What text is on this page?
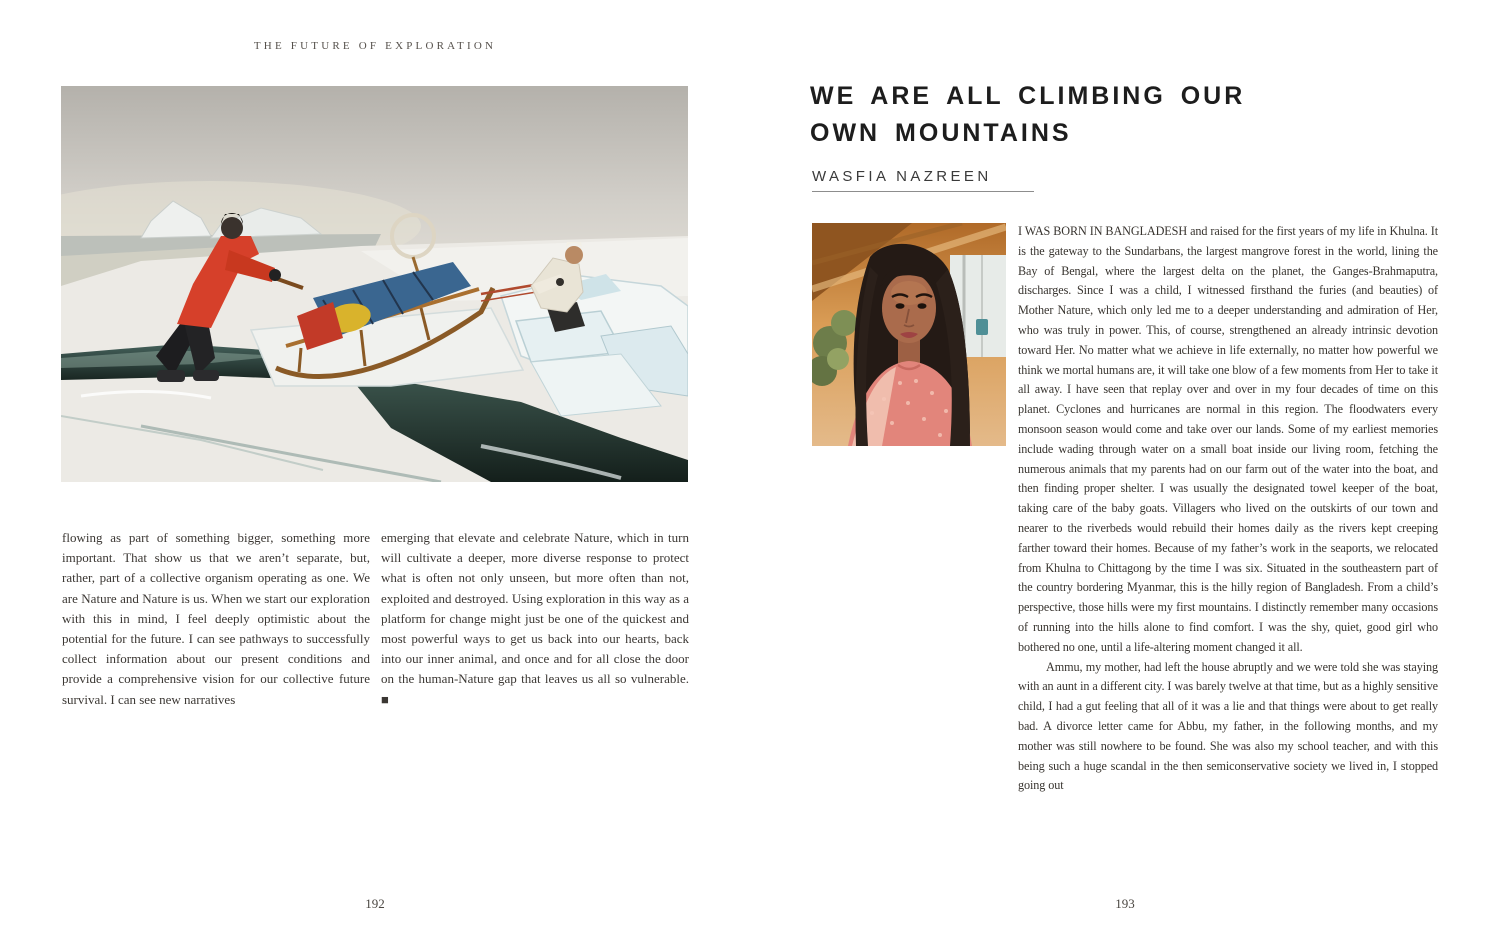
THE FUTURE OF EXPLORATION

flowing as part of something bigger, something more important. That show us that we aren’t separate, but, rather, part of a collective organism operating as one. We are Nature and Nature is us. When we start our exploration with this in mind, I feel deeply optimistic about the potential for the future. I can see pathways to successfully collect information about our present conditions and provide a comprehensive vision for our collective future survival. I can see new narratives

emerging that elevate and celebrate Nature, which in turn will cultivate a deeper, more diverse response to protect what is often not only unseen, but more often than not, exploited and destroyed. Using exploration in this way as a platform for change might just be one of the quickest and most powerful ways to get us back into our hearts, back into our inner animal, and once and for all close the door on the human-Nature gap that leaves us all so vulnerable. ■

192
WE ARE ALL CLIMBING OUR
OWN MOUNTAINS
WASFIA NAZREEN

I WAS BORN IN BANGLADESH and raised for the first years of my life in Khulna. It is the gateway to the Sundarbans, the largest mangrove forest in the world, lining the Bay of Bengal, where the largest delta on the planet, the Ganges-Brahmaputra, discharges. Since I was a child, I witnessed firsthand the furies (and beauties) of Mother Nature, which only led me to a deeper understanding and admiration of Her, who was truly in power. This, of course, strengthened an already intrinsic devotion toward Her. No matter what we achieve in life externally, no matter how powerful we think we mortal humans are, it will take one blow of a few moments from Her to take it all away. I have seen that replay over and over in my four decades of time on this planet. Cyclones and hurricanes are normal in this region. The floodwaters every monsoon season would come and take over our lands. Some of my earliest memories include wading through water on a small boat inside our living room, fetching the numerous animals that my parents had on our farm out of the water into the boat, and then finding proper shelter. I was usually the designated towel keeper of the boat, taking care of the baby goats. Villagers who lived on the outskirts of our town and nearer to the riverbeds would rebuild their homes daily as the rivers kept creeping farther toward their homes. Because of my father’s work in the seaports, we relocated from Khulna to Chittagong by the time I was six. Situated in the southeastern part of the country bordering Myanmar, this is the hilly region of Bangladesh. From a child’s perspective, those hills were my first mountains. I distinctly remember many occasions of running into the hills alone to find comfort. I was the shy, quiet, good girl who bothered no one, until a life-altering moment changed it all.

Ammu, my mother, had left the house abruptly and we were told she was staying with an aunt in a different city. I was barely twelve at that time, but as a highly sensitive child, I had a gut feeling that all of it was a lie and that things were about to get really bad. A divorce letter came for Abbu, my father, in the following months, and my mother was still nowhere to be found. She was also my school teacher, and with this being such a huge scandal in the then semiconservative society we lived in, I stopped going out

193
